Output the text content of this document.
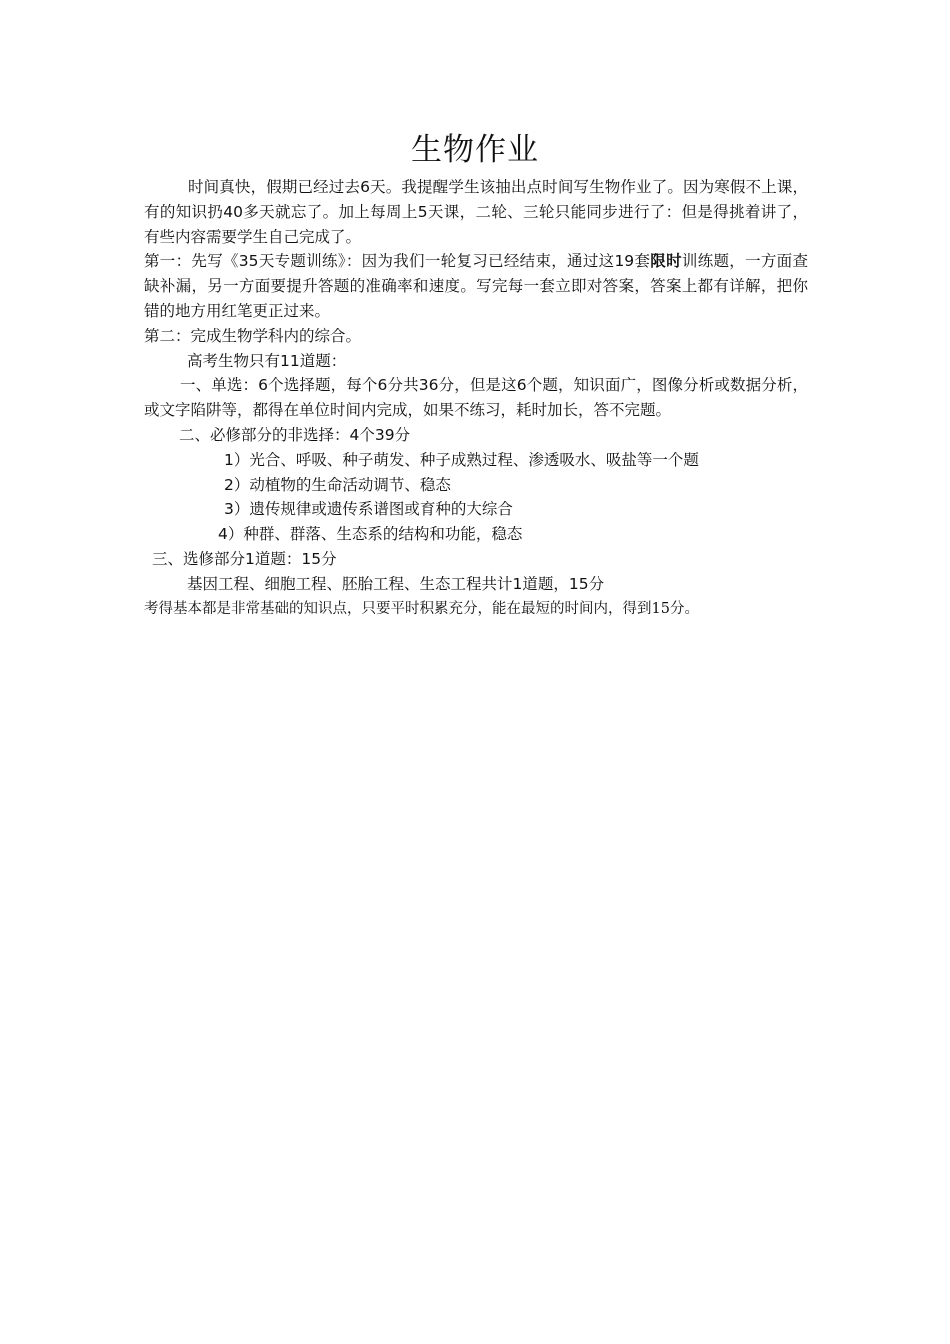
生物作业

时间真快，假期已经过去6天。我提醒学生该抽出点时间写生物作业了。因为寒假不上课，有的知识扔40多天就忘了。加上每周上5天课，二轮、三轮只能同步进行了：但是得挑着讲了，有些内容需要学生自己完成了。

第一：先写《35天专题训练》：因为我们一轮复习已经结束，通过这19套限时训练题，一方面查缺补漏，另一方面要提升答题的准确率和速度。写完每一套立即对答案，答案上都有详解，把你错的地方用红笔更正过来。

第二：完成生物学科内的综合。

高考生物只有11道题：

一、单选：6个选择题，每个6分共36分，但是这6个题，知识面广，图像分析或数据分析，或文字陷阱等，都得在单位时间内完成，如果不练习，耗时加长，答不完题。

二、必修部分的非选择：4个39分

1）光合、呼吸、种子萌发、种子成熟过程、渗透吸水、吸盐等一个题

2）动植物的生命活动调节、稳态

3）遗传规律或遗传系谱图或育种的大综合

4）种群、群落、生态系的结构和功能，稳态

三、选修部分1道题：15分

基因工程、细胞工程、胚胎工程、生态工程共计1道题，15分

考得基本都是非常基础的知识点，只要平时积累充分，能在最短的时间内，得到15分。
